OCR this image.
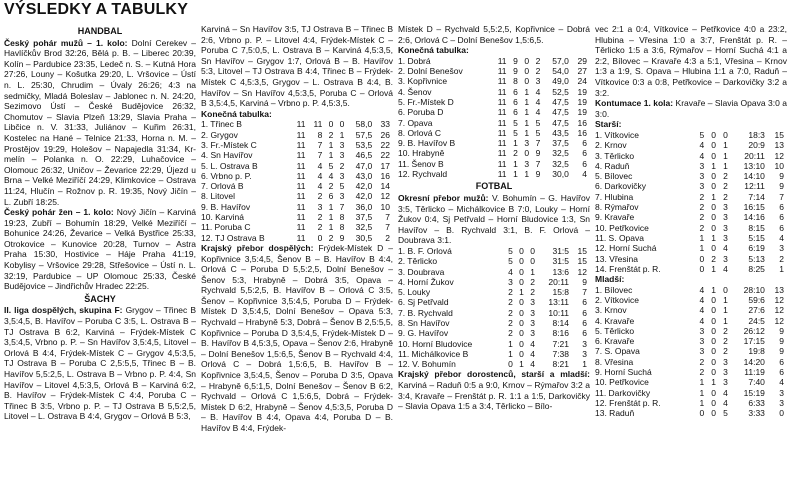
VÝSLEDKY A TABULKY
HANDBAL

Český pohár mužů – 1. kolo: Dolní Cerekev – Havlíčkův Brod 32:26, Bělá p. B. – Liberec 20:39, Kolín – Pardubice 23:35, Ledeč n. S. – Kutná Hora 27:26, Louny – Košutka 29:20, L. Vršovice – Ústí n. L. 25:30, Chrudim – Úvaly 26:26; 4:3 na sedmičky, Mladá Boleslav – Jablonec n. N. 24:20, Sezimovo Ústí – České Budějovice 26:32, Chomutov – Slavia Plzeň 13:29, Slavia Praha – Libčice n. V. 31:33, Juliánov – Kuřim 26:31, Kostelec na Hané – Telnice 21:33, Horna n. M. – Prostějov 19:29, Holešov – Napajedla 31:34, Kr- melín – Polanka n. O. 22:29, Luhačovice – Olomouc 26:32, Uničov – Ževarice 22:29, Újezd u Brna – Velké Meziříčí 24:29, Klimkovice – Ostrava 11:24, Hlučín – Rožnov p. R. 19:35, Nový Jičín – L. Zubří 18:25.

Český pohár žen – 1. kolo: Nový Jičín – Karviná 19:23, Zubří – Bohumín 18:29, Velké Meziříčí – Bohunice 24:26, Ževarice – Velká Bystřice 25:33, Otrokovice – Kunovice 20:28, Turnov – Astra Praha 15:30, Hostivice – Háje Praha 41:19, Kobylisy – Vršovice 29:28, Střešovice – Ústí n. L. 32:19, Pardubice – UP Olomouc 25:33, České Budějovice – Jindřichův Hradec 22:25.

ŠACHY

II. liga dospělých, skupina F: Grygov – Třinec B 3,5:4,5, B. Havířov – Poruba C 3:5, L. Ostrava B – TJ Ostrava B 6:2, Karviná – Frýdek-Místek C 3,5:4,5, Vrbno p. P. – Sn Havířov 3,5:4,5, Litovel – Orlová B 4:4, Frýdek-Místek C – Grygov 4,5:3,5, TJ Ostrava B – Poruba C 2,5:5,5, Třinec B – B. Havířov 5,5:2,5, L. Ostrava B – Vrbno p. P. 4:4, Sn Havířov – Litovel 4,5:3,5, Orlová B – Karviná 6:2, B. Havířov – Frýdek-Místek C 4:4, Poruba C – Třinec B 3:5, Vrbno p. P. – TJ Ostrava B 5,5:2,5, Litovel – L. Ostrava B 4:4, Grygov – Orlová B 5:3,

Karviná – Sn Havířov 3:5, TJ Ostrava B – Třinec B 2:6, Vrbno p. P. – Litovel 4:4, Frýdek-Místek C – Poruba C 7,5:0,5, L. Ostrava B – Karviná 4,5:3,5, Sn Havířov – Grygov 1:7, Orlová B – B. Havířov 5:3, Litovel – TJ Ostrava B 4:4, Třinec B – Frýdek-Místek C 4,5:3,5, Grygov – L. Ostrava B 4:4, B. Havířov – Sn Havířov 4,5:3,5, Poruba C – Orlová B 3,5:4,5, Karviná – Vrbno p. P. 4,5:3,5.

Konečná tabulka:
1. Třinec B	11	11	0	0	58,0	33
2. Grygov	11	8	2	1	57,5	26
3. Fr.-Místek C	11	7	1	3	53,5	22
4. Sn Havířov	11	7	1	3	46,5	22
5. L. Ostrava B	11	4	5	2	47,0	17
6. Vrbno p. P.	11	4	4	3	43,0	16
7. Orlová B	11	4	2	5	42,0	14
8. Litovel	11	2	6	3	42,0	12
9. B. Havířov	11	3	1	7	36,0	10
10. Karviná	11	2	1	8	37,5	7
11. Poruba C	11	2	1	8	32,5	7
12. TJ Ostrava B	11	0	2	9	30,5	2

Krajský přebor dospělých: Frýdek-Místek D – Kopřivnice 3,5:4,5, Šenov B – B. Havířov B 4:4, Orlová C – Poruba D 5,5:2,5, Dolní Benešov – Šenov 5:3, Hrabyně – Dobrá 3:5, Opava – Rychvald 5,5:2,5, B. Havířov B – Orlová C 3:5, Šenov – Kopřivnice 3,5:4,5, Poruba D – Frýdek-Místek D 3,5:4,5, Dolní Benešov – Opava 5:3, Rychvald – Hrabyně 5:3, Dobrá – Šenov B 2,5:5,5, Kopřivnice – Poruba D 3,5:4,5, Frýdek-Místek D – B. Havířov B 4,5:3,5, Opava – Šenov 2:6, Hrabyně – Dolní Benešov 1,5:6,5, Šenov B – Rychvald 4:4, Orlová C – Dobrá 1,5:6,5, B. Havířov B – Kopřivnice 3,5:4,5, Šenov – Poruba D 3:5, Opava – Hrabyně 6,5:1,5, Dolní Benešov – Šenov B 6:2, Rychvald – Orlová C 1,5:6,5, Dobrá – Frýdek-Místek D 6:2, Hrabyně – Šenov 4,5:3,5, Poruba D – B. Havířov B 4:4, Opava 4:4, Poruba D – B. Havířov B 4:4, Frýdek-

Místek D – Rychvald 5,5:2,5, Kopřivnice – Dobrá 2:6, Orlová C – Dolní Benešov 1,5:6,5.

Konečná tabulka:
1. Dobrá	11	9	0	2	57,0	29
2. Dolní Benešov	11	9	0	2	54,0	27
3. Kopřivnice	11	8	0	3	49,0	24
4. Šenov	11	6	1	4	52,5	19
5. Fr.-Místek D	11	6	1	4	47,5	19
6. Poruba D	11	6	1	4	47,5	19
7. Opava	11	5	1	5	47,5	16
8. Orlová C	11	5	1	5	43,5	16
9. B. Havířov B	11	1	3	7	37,5	6
10. Hrabyně	11	2	0	9	32,5	6
11. Šenov B	11	1	3	7	32,5	6
12. Rychvald	11	1	1	9	30,0	4
FOTBAL

Okresní přebor mužů: V. Bohumín – G. Havířov 3:5, Těrlicko – Michálkovice B 7:0, Louky – Horní Žukov 0:4, Sj Petřvald – Horní Bludovice 1:3, Sn Havířov – B. Rychvald 3:1, B. F. Orlová – Doubrava 3:1.

1. B. F. Orlová	5	0	0	31:5	15
2. Těrlicko	5	0	0	31:5	15
3. Doubrava	4	0	1	13:6	12
4. Horní Žukov	3	0	2	20:11	9
5. Louky	2	1	2	15:8	7
6. Sj Petřvald	2	0	3	13:11	6
7. B. Rychvald	2	0	3	10:11	6
8. Sn Havířov	2	0	3	8:14	6
9. G. Havířov	2	0	3	8:16	6
10. Horní Bludovice	1	0	4	7:21	3
11. Michálkovice B	1	0	4	7:38	3
12. V. Bohumín	0	1	4	8:21	1

Krajský přebor dorostenců, starší a mladší: Karviná – Raduň 0:5 a 9:0, Krnov – Rýmařov 3:2 a 3:4, Kravaře – Frenštát p. R. 1:1 a 1:5, Darkovičky – Slavia Opava 1:5 a 3:4, Těrlicko – Bílo-

vec 2:1 a 0:4, Vítkovice – Petřkovice 4:0 a 23:2, Hlubina – Vřesina 1:0 a 3:7, Frenštát p. R. – Těrlicko 1:5 a 3:6, Rýmařov – Horní Suchá 4:1 a 2:2, Bílovec – Kravaře 4:3 a 5:1, Vřesina – Krnov 1:3 a 1:9, S. Opava – Hlubina 1:1 a 7:0, Raduň – Vítkovice 0:3 a 0:8, Petřkovice – Darkovičky 3:2 a 3:2.

Kontumace 1. kola: Kravaře – Slavia Opava 3:0 a 3:0.

Starší:
1. Vítkovice	5	0	0	18:3	15
2. Krnov	4	0	1	20:9	13
3. Těrlicko	4	0	1	20:11	12
4. Raduň	3	1	1	13:10	10
5. Bílovec	3	0	2	14:10	9
6. Darkovičky	3	0	2	12:11	9
7. Hlubina	2	1	2	7:14	7
8. Rýmařov	2	0	3	16:15	6
9. Kravaře	2	0	3	14:16	6
10. Petřkovice	2	0	3	8:15	6
11. S. Opava	1	1	3	5:15	4
12. Horní Suchá	1	0	4	6:19	3
13. Vřesina	0	2	3	5:13	2
14. Frenštát p. R.	0	1	4	8:25	1
Mladší:
1. Bílovec	4	1	0	28:10	13
2. Vítkovice	4	0	1	59:6	12
3. Krnov	4	0	1	27:6	12
4. Kravaře	4	0	1	24:5	12
5. Těrlicko	3	0	2	26:12	9
6. Kravaře	3	0	2	17:15	9
7. S. Opava	3	0	2	19:8	9
8. Vřesina	2	0	3	14:20	6
9. Horní Suchá	2	0	3	11:19	6
10. Petřkovice	1	1	3	7:40	4
11. Darkovičky	1	0	4	15:19	3
12. Frenštát p. R.	1	0	4	6:33	3
13. Raduň	0	0	5	3:33	0
